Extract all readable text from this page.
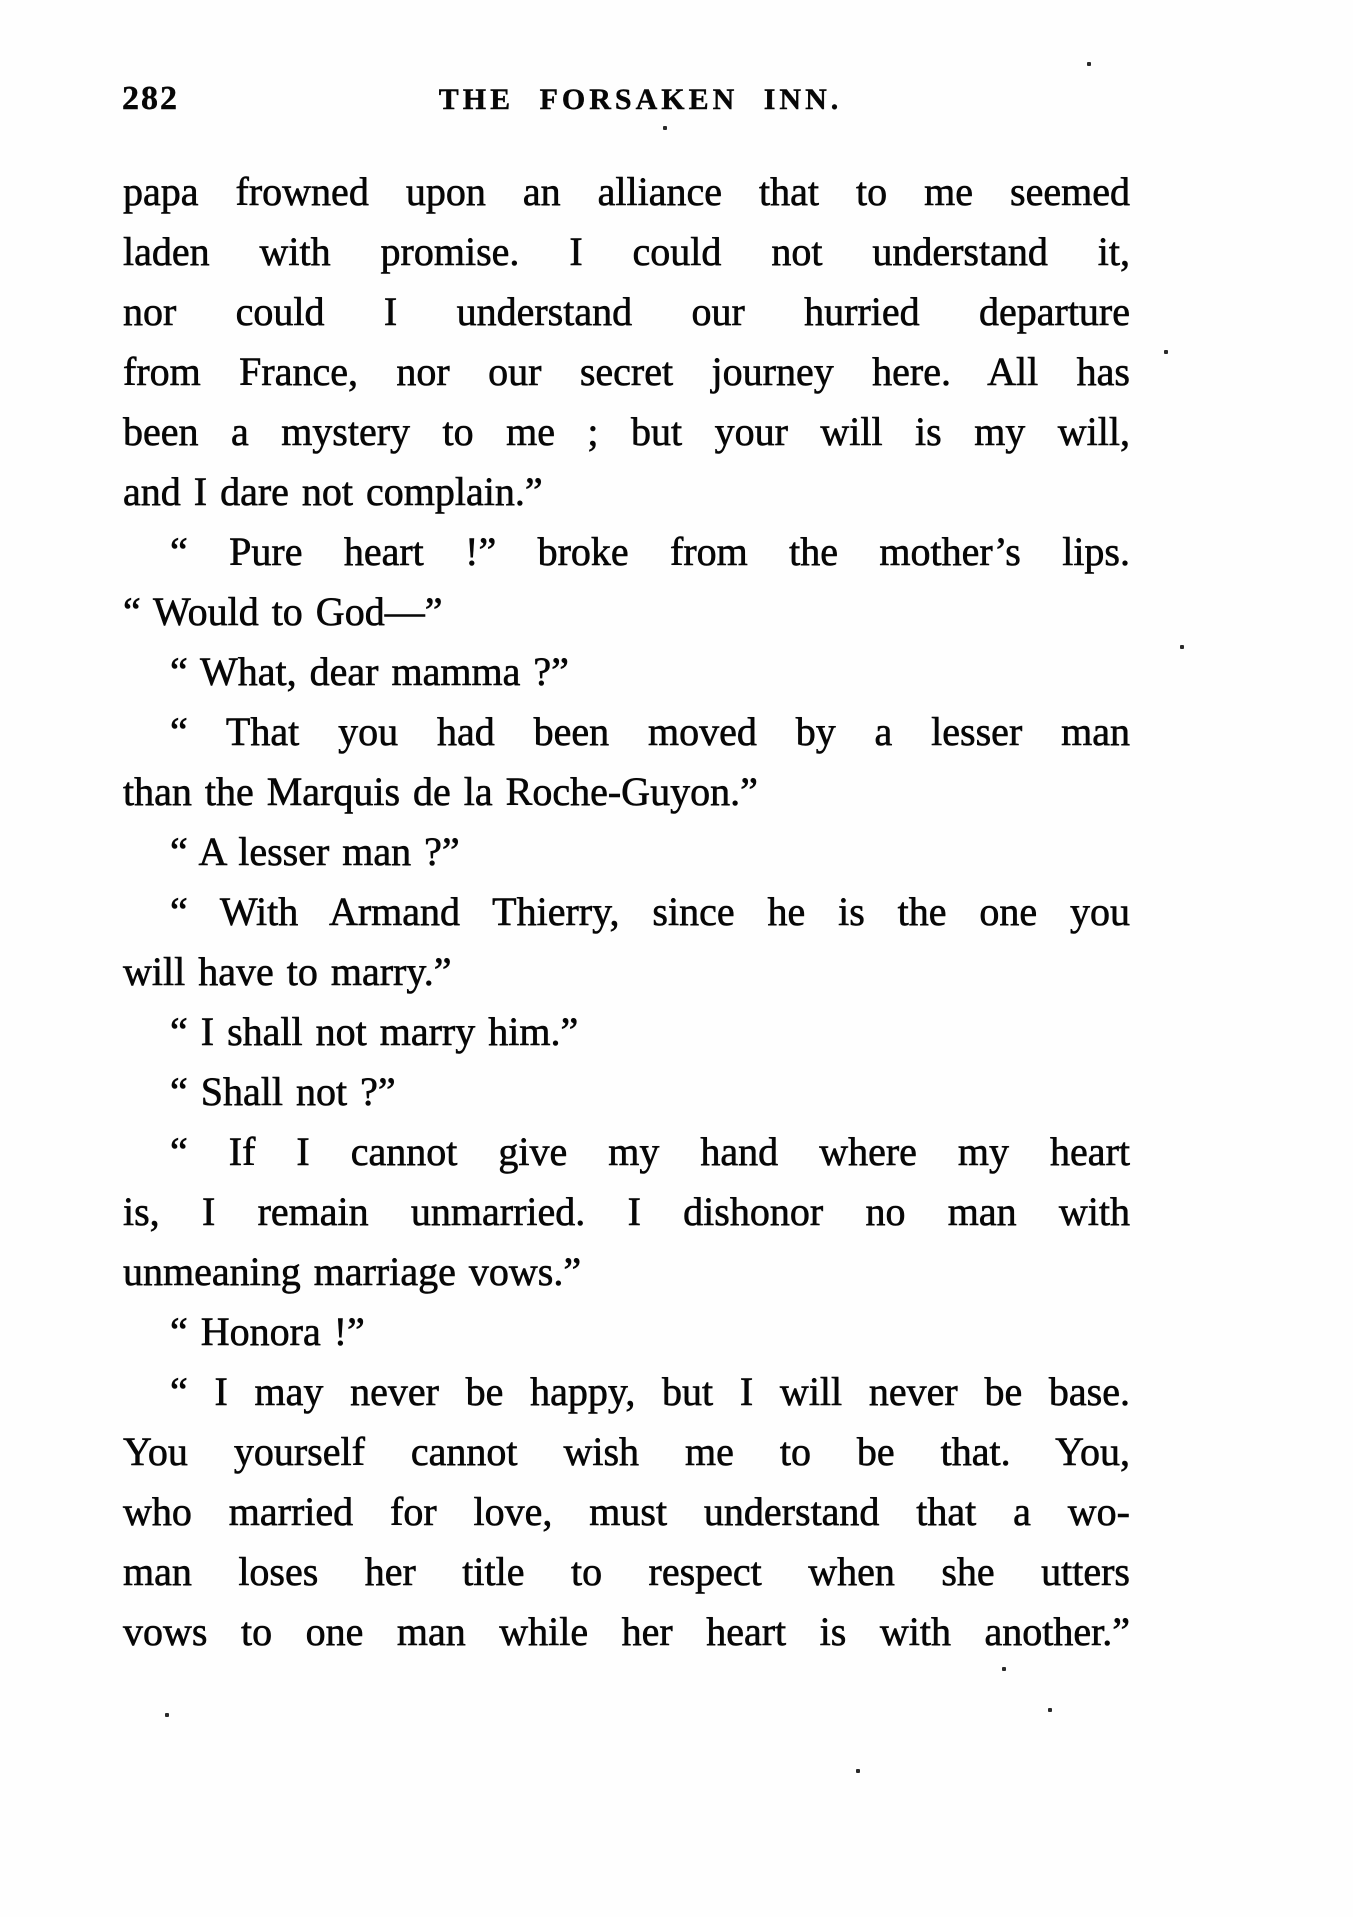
282	THE FORSAKEN INN.
papa frowned upon an alliance that to me seemed
laden with promise. I could not understand it,
nor could I understand our hurried departure
from France, nor our secret journey here. All has
been a mystery to me ; but your will is my will,
and I dare not complain.”
“ Pure heart !” broke from the mother’s lips.
“ Would to God—”
“ What, dear mamma ?”
“ That you had been moved by a lesser man
than the Marquis de la Roche-Guyon.”
“ A lesser man ?”
“ With Armand Thierry, since he is the one you
will have to marry.”
“ I shall not marry him.”
“ Shall not ?”
“ If I cannot give my hand where my heart
is, I remain unmarried. I dishonor no man with
unmeaning marriage vows.”
“ Honora !”
“ I may never be happy, but I will never be base.
You yourself cannot wish me to be that. You,
who married for love, must understand that a wo-
man loses her title to respect when she utters
vows to one man while her heart is with another.”
